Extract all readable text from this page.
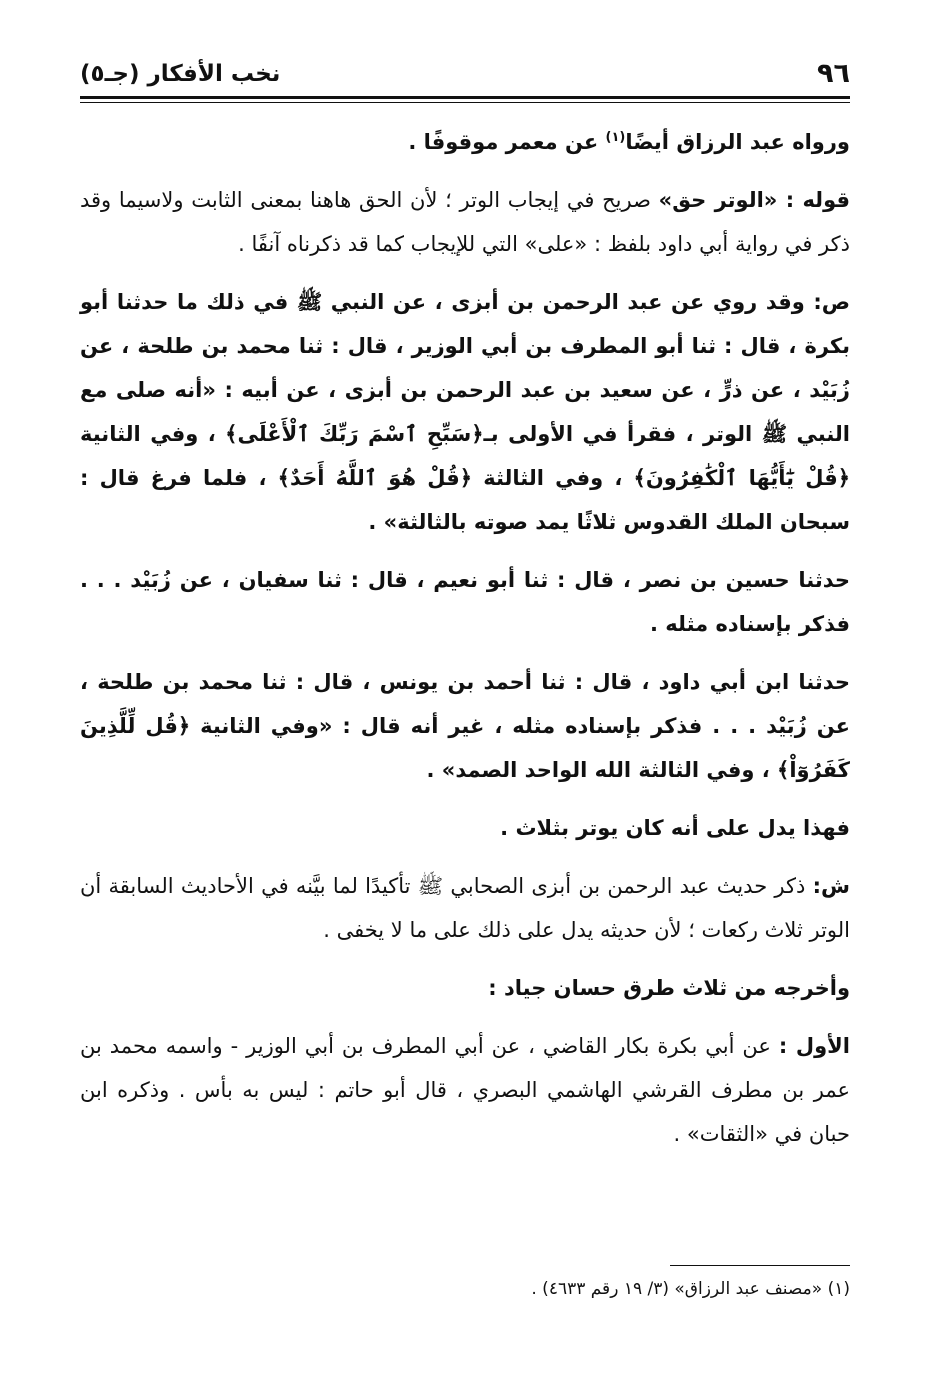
٩٦
نخب الأفكار (جـ٥)

ورواه عبد الرزاق أيضًا$^{(١)}$ عن معمر موقوفًا .

قوله : «الوتر حق» صريح في إيجاب الوتر ؛ لأن الحق هاهنا بمعنى الثابت ولاسيما وقد ذكر في رواية أبي داود بلفظ : «على» التي للإيجاب كما قد ذكرناه آنفًا .

ص: وقد روي عن عبد الرحمن بن أبزى ، عن النبي ﷺ في ذلك ما حدثنا أبو بكرة ، قال : ثنا أبو المطرف بن أبي الوزير ، قال : ثنا محمد بن طلحة ، عن زُبَيْد ، عن ذرٍّ ، عن سعيد بن عبد الرحمن بن أبزى ، عن أبيه : «أنه صلى مع النبي ﷺ الوتر ، فقرأ في الأولى بـ﴿سَبِّحِ ٱسْمَ رَبِّكَ ٱلْأَعْلَى﴾ ، وفي الثانية ﴿قُلْ يَٰٓأَيُّهَا ٱلْكَٰفِرُونَ﴾ ، وفي الثالثة ﴿قُلْ هُوَ ٱللَّهُ أَحَدٌ﴾ ، فلما فرغ قال : سبحان الملك القدوس ثلاثًا يمد صوته بالثالثة» .

حدثنا حسين بن نصر ، قال : ثنا أبو نعيم ، قال : ثنا سفيان ، عن زُبَيْد . . . فذكر بإسناده مثله .

حدثنا ابن أبي داود ، قال : ثنا أحمد بن يونس ، قال : ثنا محمد بن طلحة ، عن زُبَيْد . . . فذكر بإسناده مثله ، غير أنه قال : «وفي الثانية ﴿قُل لِّلَّذِينَ كَفَرُوٓاْ﴾ ، وفي الثالثة الله الواحد الصمد» .

فهذا يدل على أنه كان يوتر بثلاث .

ش: ذكر حديث عبد الرحمن بن أبزى الصحابي ﷺ تأكيدًا لما بيَّنه في الأحاديث السابقة أن الوتر ثلاث ركعات ؛ لأن حديثه يدل على ذلك على ما لا يخفى .

وأخرجه من ثلاث طرق حسان جياد :

الأول : عن أبي بكرة بكار القاضي ، عن أبي المطرف بن أبي الوزير - واسمه محمد بن عمر بن مطرف القرشي الهاشمي البصري ، قال أبو حاتم : ليس به بأس . وذكره ابن حبان في «الثقات» .

(١) «مصنف عبد الرزاق» (٣/ ١٩ رقم ٤٦٣٣) .
